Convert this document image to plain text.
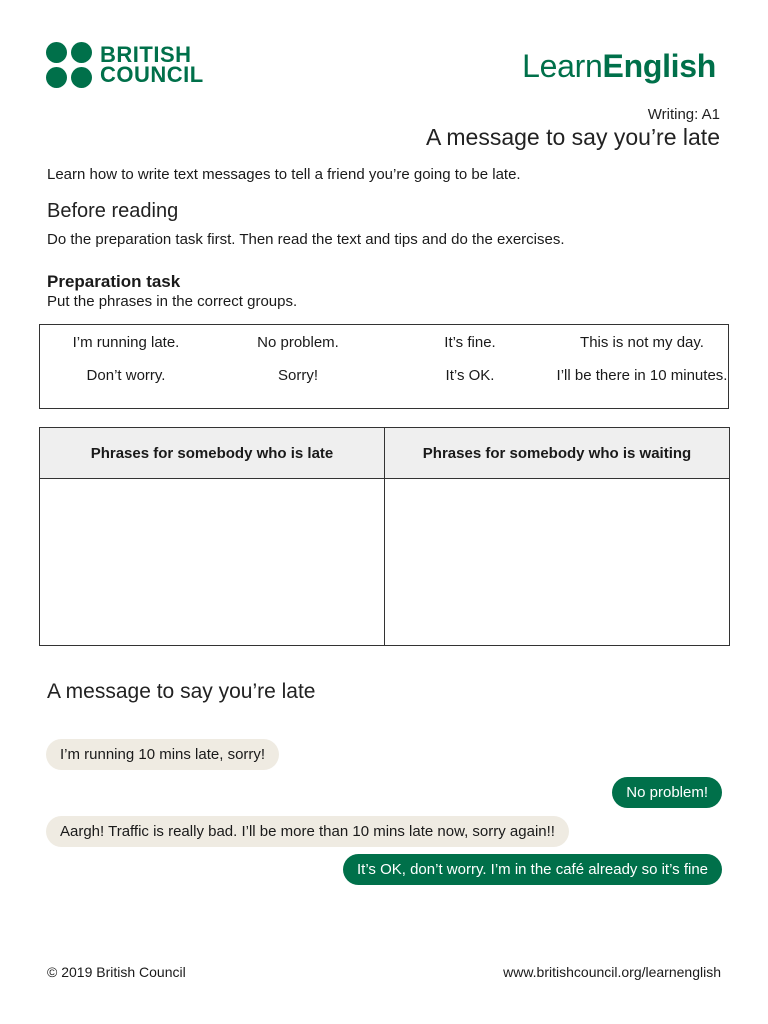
BRITISH
COUNCIL	LearnEnglish
Writing: A1
A message to say you’re late
Learn how to write text messages to tell a friend you’re going to be late.
Before reading
Do the preparation task first. Then read the text and tips and do the exercises.
Preparation task
Put the phrases in the correct groups.
I’m running late.	No problem.	It’s fine.	This is not my day.
Don’t worry.	Sorry!	It’s OK.	I’ll be there in 10 minutes.
Phrases for somebody who is late	Phrases for somebody who is waiting

A message to say you’re late
I’m running 10 mins late, sorry!
No problem!
Aargh! Traffic is really bad. I’ll be more than 10 mins late now, sorry again!!
It’s OK, don’t worry. I’m in the café already so it’s fine
© 2019 British Council	www.britishcouncil.org/learnenglish
